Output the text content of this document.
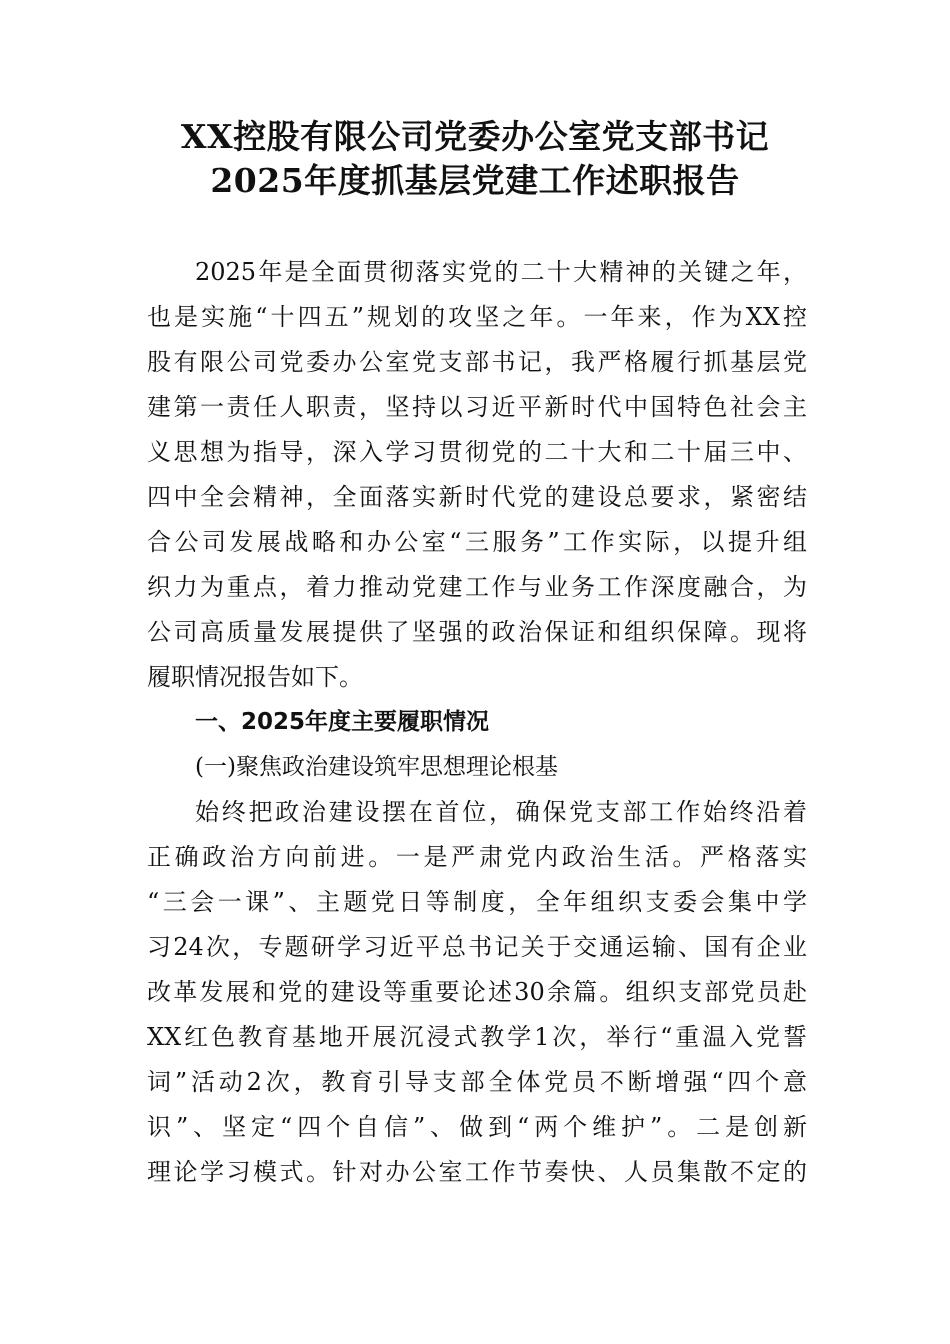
XX控股有限公司党委办公室党支部书记
2025年度抓基层党建工作述职报告
2025年是全面贯彻落实党的二十大精神的关键之年，
也是实施“十四五”规划的攻坚之年。一年来，作为XX控
股有限公司党委办公室党支部书记，我严格履行抓基层党
建第一责任人职责，坚持以习近平新时代中国特色社会主
义思想为指导，深入学习贯彻党的二十大和二十届三中、
四中全会精神，全面落实新时代党的建设总要求，紧密结
合公司发展战略和办公室“三服务”工作实际，以提升组
织力为重点，着力推动党建工作与业务工作深度融合，为
公司高质量发展提供了坚强的政治保证和组织保障。现将
履职情况报告如下。
一、2025年度主要履职情况
(一)聚焦政治建设筑牢思想理论根基
始终把政治建设摆在首位，确保党支部工作始终沿着
正确政治方向前进。一是严肃党内政治生活。严格落实
“三会一课”、主题党日等制度，全年组织支委会集中学
习24次，专题研学习近平总书记关于交通运输、国有企业
改革发展和党的建设等重要论述30余篇。组织支部党员赴
XX红色教育基地开展沉浸式教学1次，举行“重温入党誓
词”活动2次，教育引导支部全体党员不断增强“四个意
识”、坚定“四个自信”、做到“两个维护”。二是创新
理论学习模式。针对办公室工作节奏快、人员集散不定的
